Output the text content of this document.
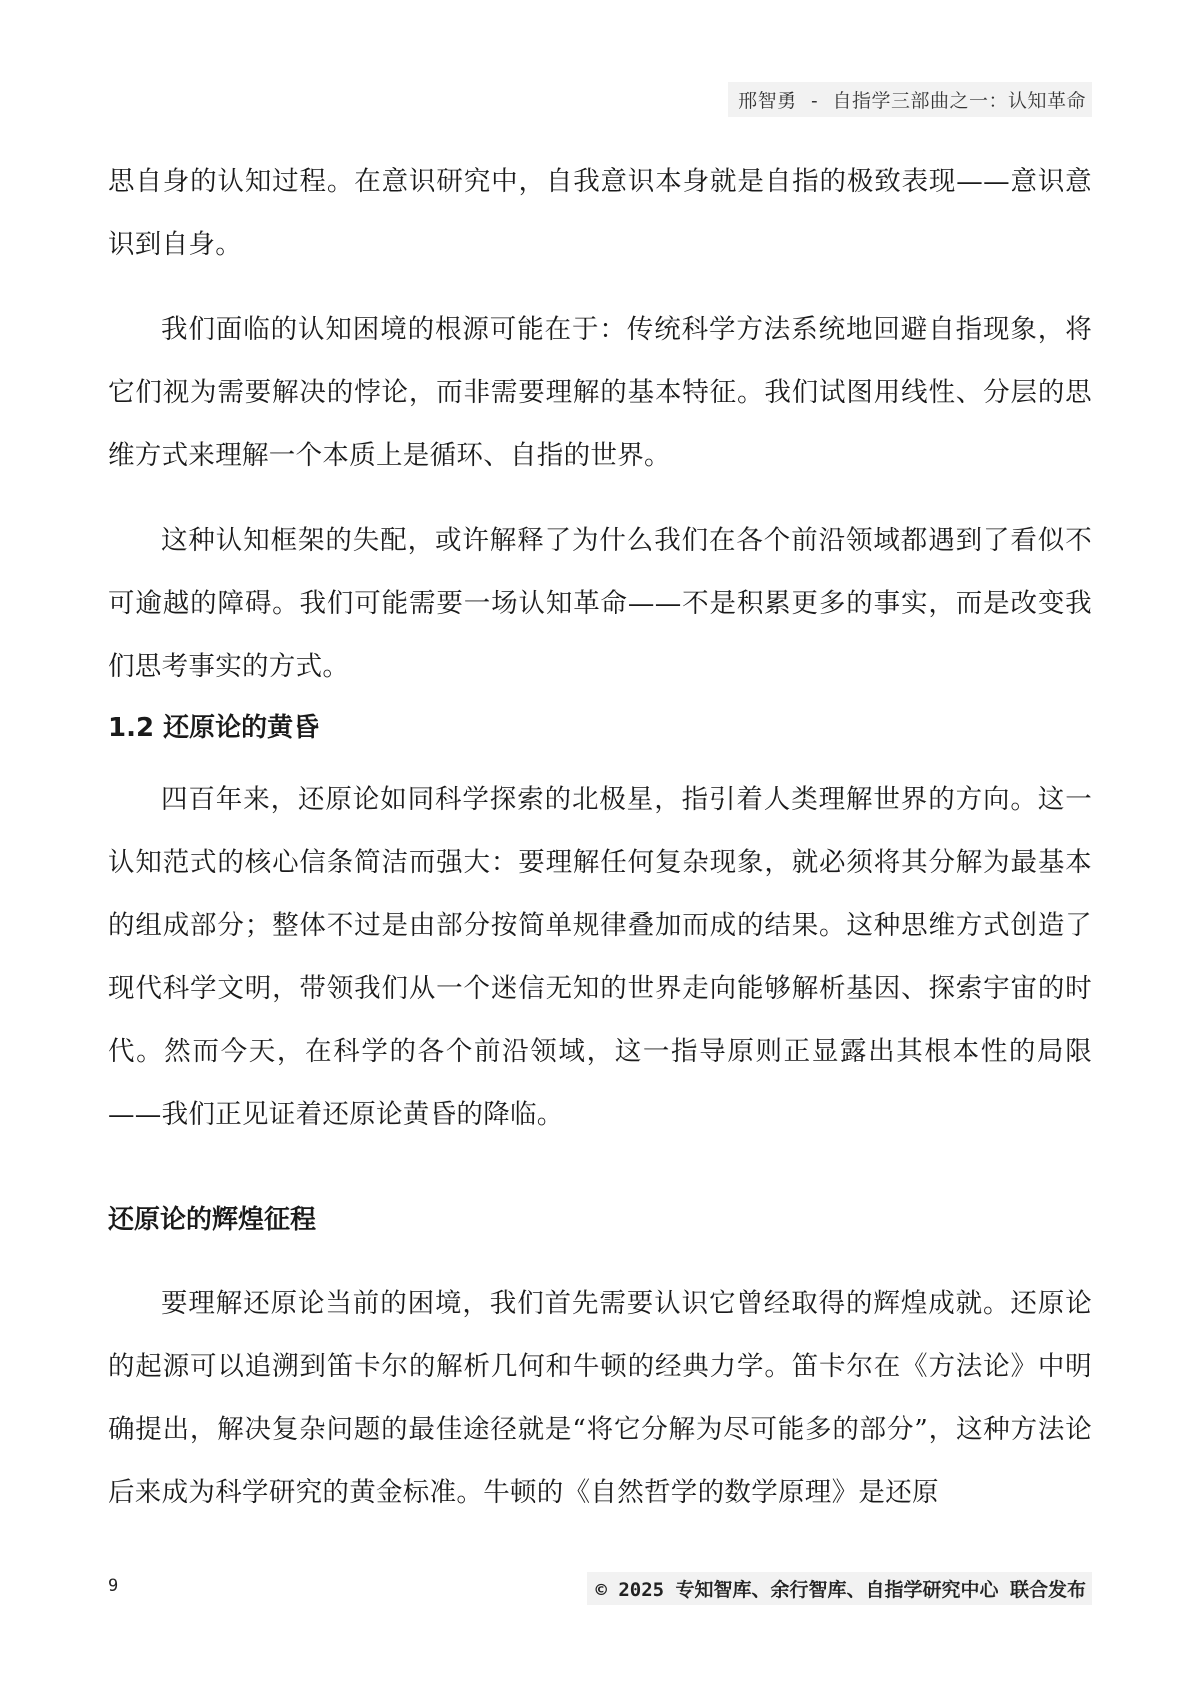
邢智勇 - 自指学三部曲之一：认知革命

思自身的认知过程。在意识研究中，自我意识本身就是自指的极致表现——意识意识到自身。

我们面临的认知困境的根源可能在于：传统科学方法系统地回避自指现象，将它们视为需要解决的悖论，而非需要理解的基本特征。我们试图用线性、分层的思维方式来理解一个本质上是循环、自指的世界。

这种认知框架的失配，或许解释了为什么我们在各个前沿领域都遇到了看似不可逾越的障碍。我们可能需要一场认知革命——不是积累更多的事实，而是改变我们思考事实的方式。

1.2 还原论的黄昏

四百年来，还原论如同科学探索的北极星，指引着人类理解世界的方向。这一认知范式的核心信条简洁而强大：要理解任何复杂现象，就必须将其分解为最基本的组成部分；整体不过是由部分按简单规律叠加而成的结果。这种思维方式创造了现代科学文明，带领我们从一个迷信无知的世界走向能够解析基因、探索宇宙的时代。然而今天，在科学的各个前沿领域，这一指导原则正显露出其根本性的局限——我们正见证着还原论黄昏的降临。

还原论的辉煌征程

要理解还原论当前的困境，我们首先需要认识它曾经取得的辉煌成就。还原论的起源可以追溯到笛卡尔的解析几何和牛顿的经典力学。笛卡尔在《方法论》中明确提出，解决复杂问题的最佳途径就是“将它分解为尽可能多的部分”，这种方法论后来成为科学研究的黄金标准。牛顿的《自然哲学的数学原理》是还原

9	© 2025 专知智库、余行智库、自指学研究中心 联合发布
